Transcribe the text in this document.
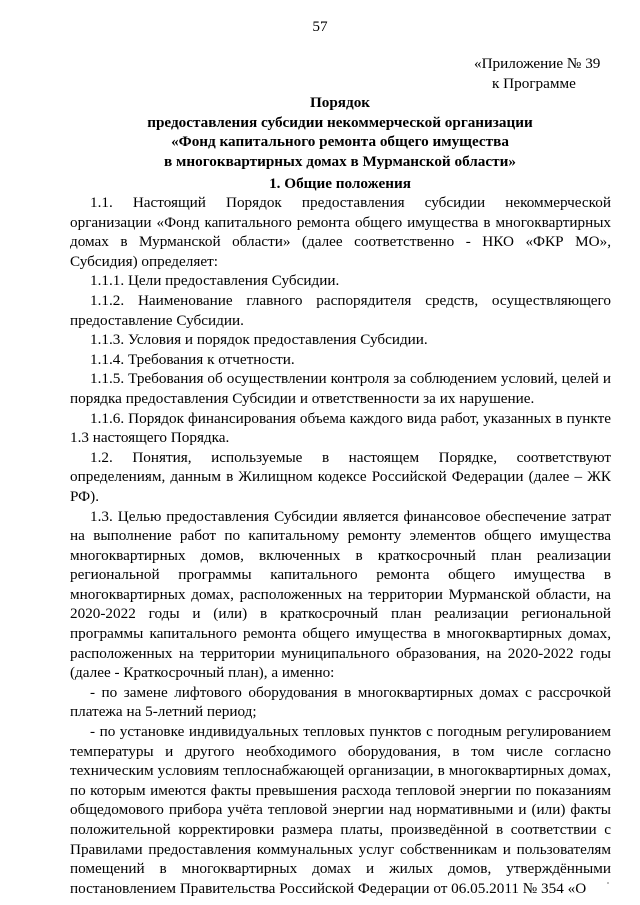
57
«Приложение № 39
к Программе
Порядок
предоставления субсидии некоммерческой организации
«Фонд капитального ремонта общего имущества
в многоквартирных домах в Мурманской области»
1. Общие положения

1.1. Настоящий Порядок предоставления субсидии некоммерческой организации «Фонд капитального ремонта общего имущества в многоквартирных домах в Мурманской области» (далее соответственно - НКО «ФКР МО», Субсидия) определяет:

1.1.1. Цели предоставления Субсидии.

1.1.2. Наименование главного распорядителя средств, осуществляющего предоставление Субсидии.

1.1.3. Условия и порядок предоставления Субсидии.

1.1.4. Требования к отчетности.

1.1.5. Требования об осуществлении контроля за соблюдением условий, целей и порядка предоставления Субсидии и ответственности за их нарушение.

1.1.6. Порядок финансирования объема каждого вида работ, указанных в пункте 1.3 настоящего Порядка.

1.2. Понятия, используемые в настоящем Порядке, соответствуют определениям, данным в Жилищном кодексе Российской Федерации (далее – ЖК РФ).

1.3. Целью предоставления Субсидии является финансовое обеспечение затрат на выполнение работ по капитальному ремонту элементов общего имущества многоквартирных домов, включенных в краткосрочный план реализации региональной программы капитального ремонта общего имущества в многоквартирных домах, расположенных на территории Мурманской области, на 2020-2022 годы и (или) в краткосрочный план реализации региональной программы капитального ремонта общего имущества в многоквартирных домах, расположенных на территории муниципального образования, на 2020-2022 годы (далее - Краткосрочный план), а именно:

- по замене лифтового оборудования в многоквартирных домах с рассрочкой платежа на 5-летний период;

- по установке индивидуальных тепловых пунктов с погодным регулированием температуры и другого необходимого оборудования, в том числе согласно техническим условиям теплоснабжающей организации, в многоквартирных домах, по которым имеются факты превышения расхода тепловой энергии по показаниям общедомового прибора учёта тепловой энергии над нормативными и (или) факты положительной корректировки размера платы, произведённой в соответствии с Правилами предоставления коммунальных услуг собственникам и пользователям помещений в многоквартирных домах и жилых домов, утверждёнными постановлением Правительства Российской Федерации от 06.05.2011 № 354 «О
